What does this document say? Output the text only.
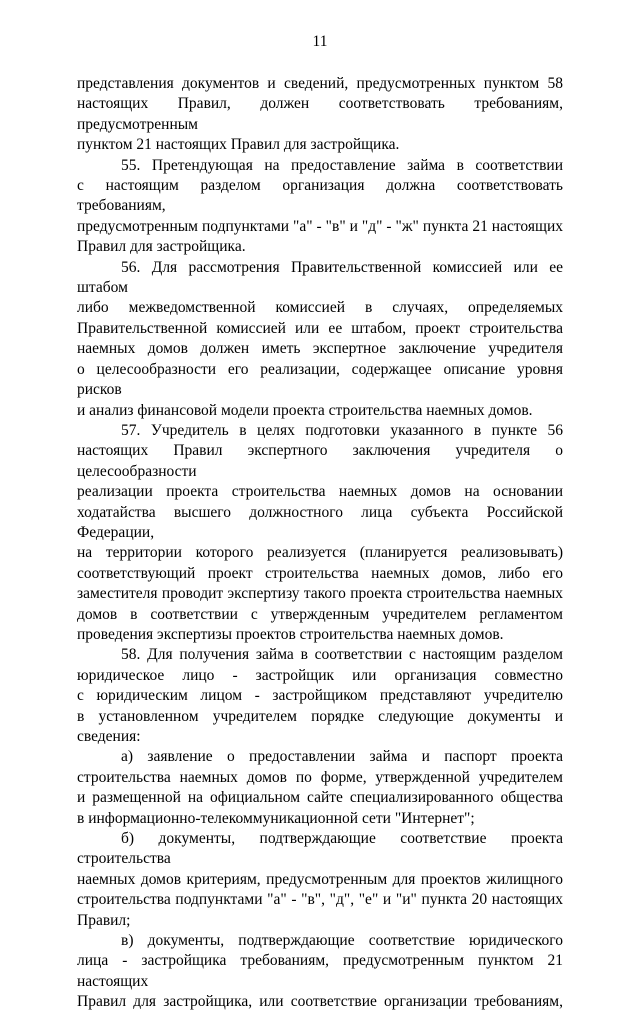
11
представления документов и сведений, предусмотренных пунктом 58
настоящих Правил, должен соответствовать требованиям, предусмотренным
пунктом 21 настоящих Правил для застройщика.
55. Претендующая на предоставление займа в соответствии
с настоящим разделом организация должна соответствовать требованиям,
предусмотренным подпунктами "а" - "в" и "д" - "ж" пункта 21 настоящих
Правил для застройщика.
56. Для рассмотрения Правительственной комиссией или ее штабом
либо межведомственной комиссией в случаях, определяемых
Правительственной комиссией или ее штабом, проект строительства
наемных домов должен иметь экспертное заключение учредителя
о целесообразности его реализации, содержащее описание уровня рисков
и анализ финансовой модели проекта строительства наемных домов.
57. Учредитель в целях подготовки указанного в пункте 56
настоящих Правил экспертного заключения учредителя о целесообразности
реализации проекта строительства наемных домов на основании
ходатайства высшего должностного лица субъекта Российской Федерации,
на территории которого реализуется (планируется реализовывать)
соответствующий проект строительства наемных домов, либо его
заместителя проводит экспертизу такого проекта строительства наемных
домов в соответствии с утвержденным учредителем регламентом
проведения экспертизы проектов строительства наемных домов.
58. Для получения займа в соответствии с настоящим разделом
юридическое лицо - застройщик или организация совместно
с юридическим лицом - застройщиком представляют учредителю
в установленном учредителем порядке следующие документы и сведения:
а) заявление о предоставлении займа и паспорт проекта
строительства наемных домов по форме, утвержденной учредителем
и размещенной на официальном сайте специализированного общества
в информационно-телекоммуникационной сети "Интернет";
б) документы, подтверждающие соответствие проекта строительства
наемных домов критериям, предусмотренным для проектов жилищного
строительства подпунктами "а" - "в", "д", "е" и "и" пункта 20 настоящих
Правил;
в) документы, подтверждающие соответствие юридического
лица - застройщика требованиям, предусмотренным пунктом 21 настоящих
Правил для застройщика, или соответствие организации требованиям,
